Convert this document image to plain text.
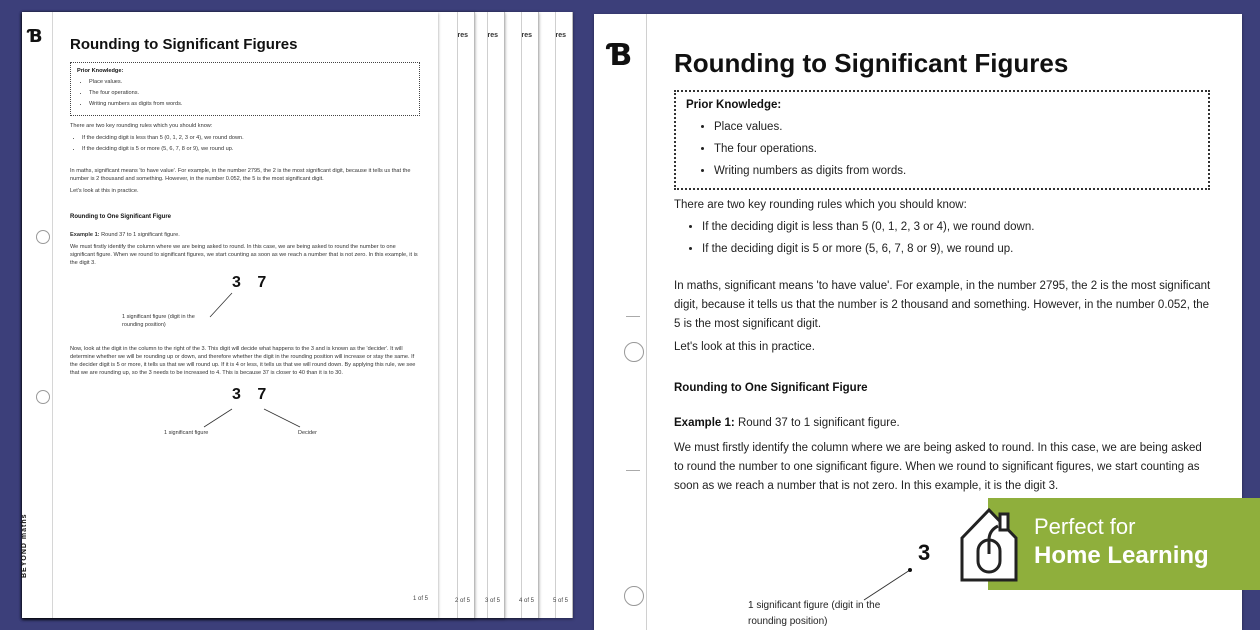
res
5 of 5
res
4 of 5
res
3 of 5
res
2 of 5
Ɓ
BEYOND maths
Rounding to Significant Figures
Prior Knowledge:
• Place values.
• The four operations.
• Writing numbers as digits from words.

There are two key rounding rules which you should know:

• If the deciding digit is less than 5 (0, 1, 2, 3 or 4), we round down.
• If the deciding digit is 5 or more (5, 6, 7, 8 or 9), we round up.

In maths, significant means 'to have value'. For example, in the number 2795, the 2 is the most significant digit, because it tells us that the number is 2 thousand and something. However, in the number 0.052, the 5 is the most significant digit.

Let's look at this in practice.

Rounding to One Significant Figure

Example 1: Round 37 to 1 significant figure.

We must firstly identify the column where we are being asked to round. In this case, we are being asked to round the number to one significant figure. When we round to significant figures, we start counting as soon as we reach a number that is not zero. In this example, it is the digit 3.

3 7
1 significant figure (digit in the rounding position)

Now, look at the digit in the column to the right of the 3. This digit will decide what happens to the 3 and is known as the 'decider'. It will determine whether we will be rounding up or down, and therefore whether the digit in the rounding position will increase or stay the same. If the decider digit is 5 or more, it tells us that we will round up. If it is 4 or less, it tells us that we will round down. By applying this rule, we see that we are rounding up, so the 3 needs to be increased to 4. This is because 37 is closer to 40 than it is to 30.

3 7
1 significant figure	Decider
1 of 5
Ɓ Rounding to Significant Figures
Prior Knowledge:
• Place values.
• The four operations.
• Writing numbers as digits from words.

There are two key rounding rules which you should know:

• If the deciding digit is less than 5 (0, 1, 2, 3 or 4), we round down.
• If the deciding digit is 5 or more (5, 6, 7, 8 or 9), we round up.

In maths, significant means 'to have value'. For example, in the number 2795, the 2 is the most significant digit, because it tells us that the number is 2 thousand and something. However, in the number 0.052, the 5 is the most significant digit.

Let's look at this in practice.

Rounding to One Significant Figure

Example 1: Round 37 to 1 significant figure.

We must firstly identify the column where we are being asked to round. In this case, we are being asked to round the number to one significant figure. When we round to significant figures, we start counting as soon as we reach a number that is not zero. In this example, it is the digit 3.

3
1 significant figure (digit in the rounding position)
Perfect for
Home Learning
